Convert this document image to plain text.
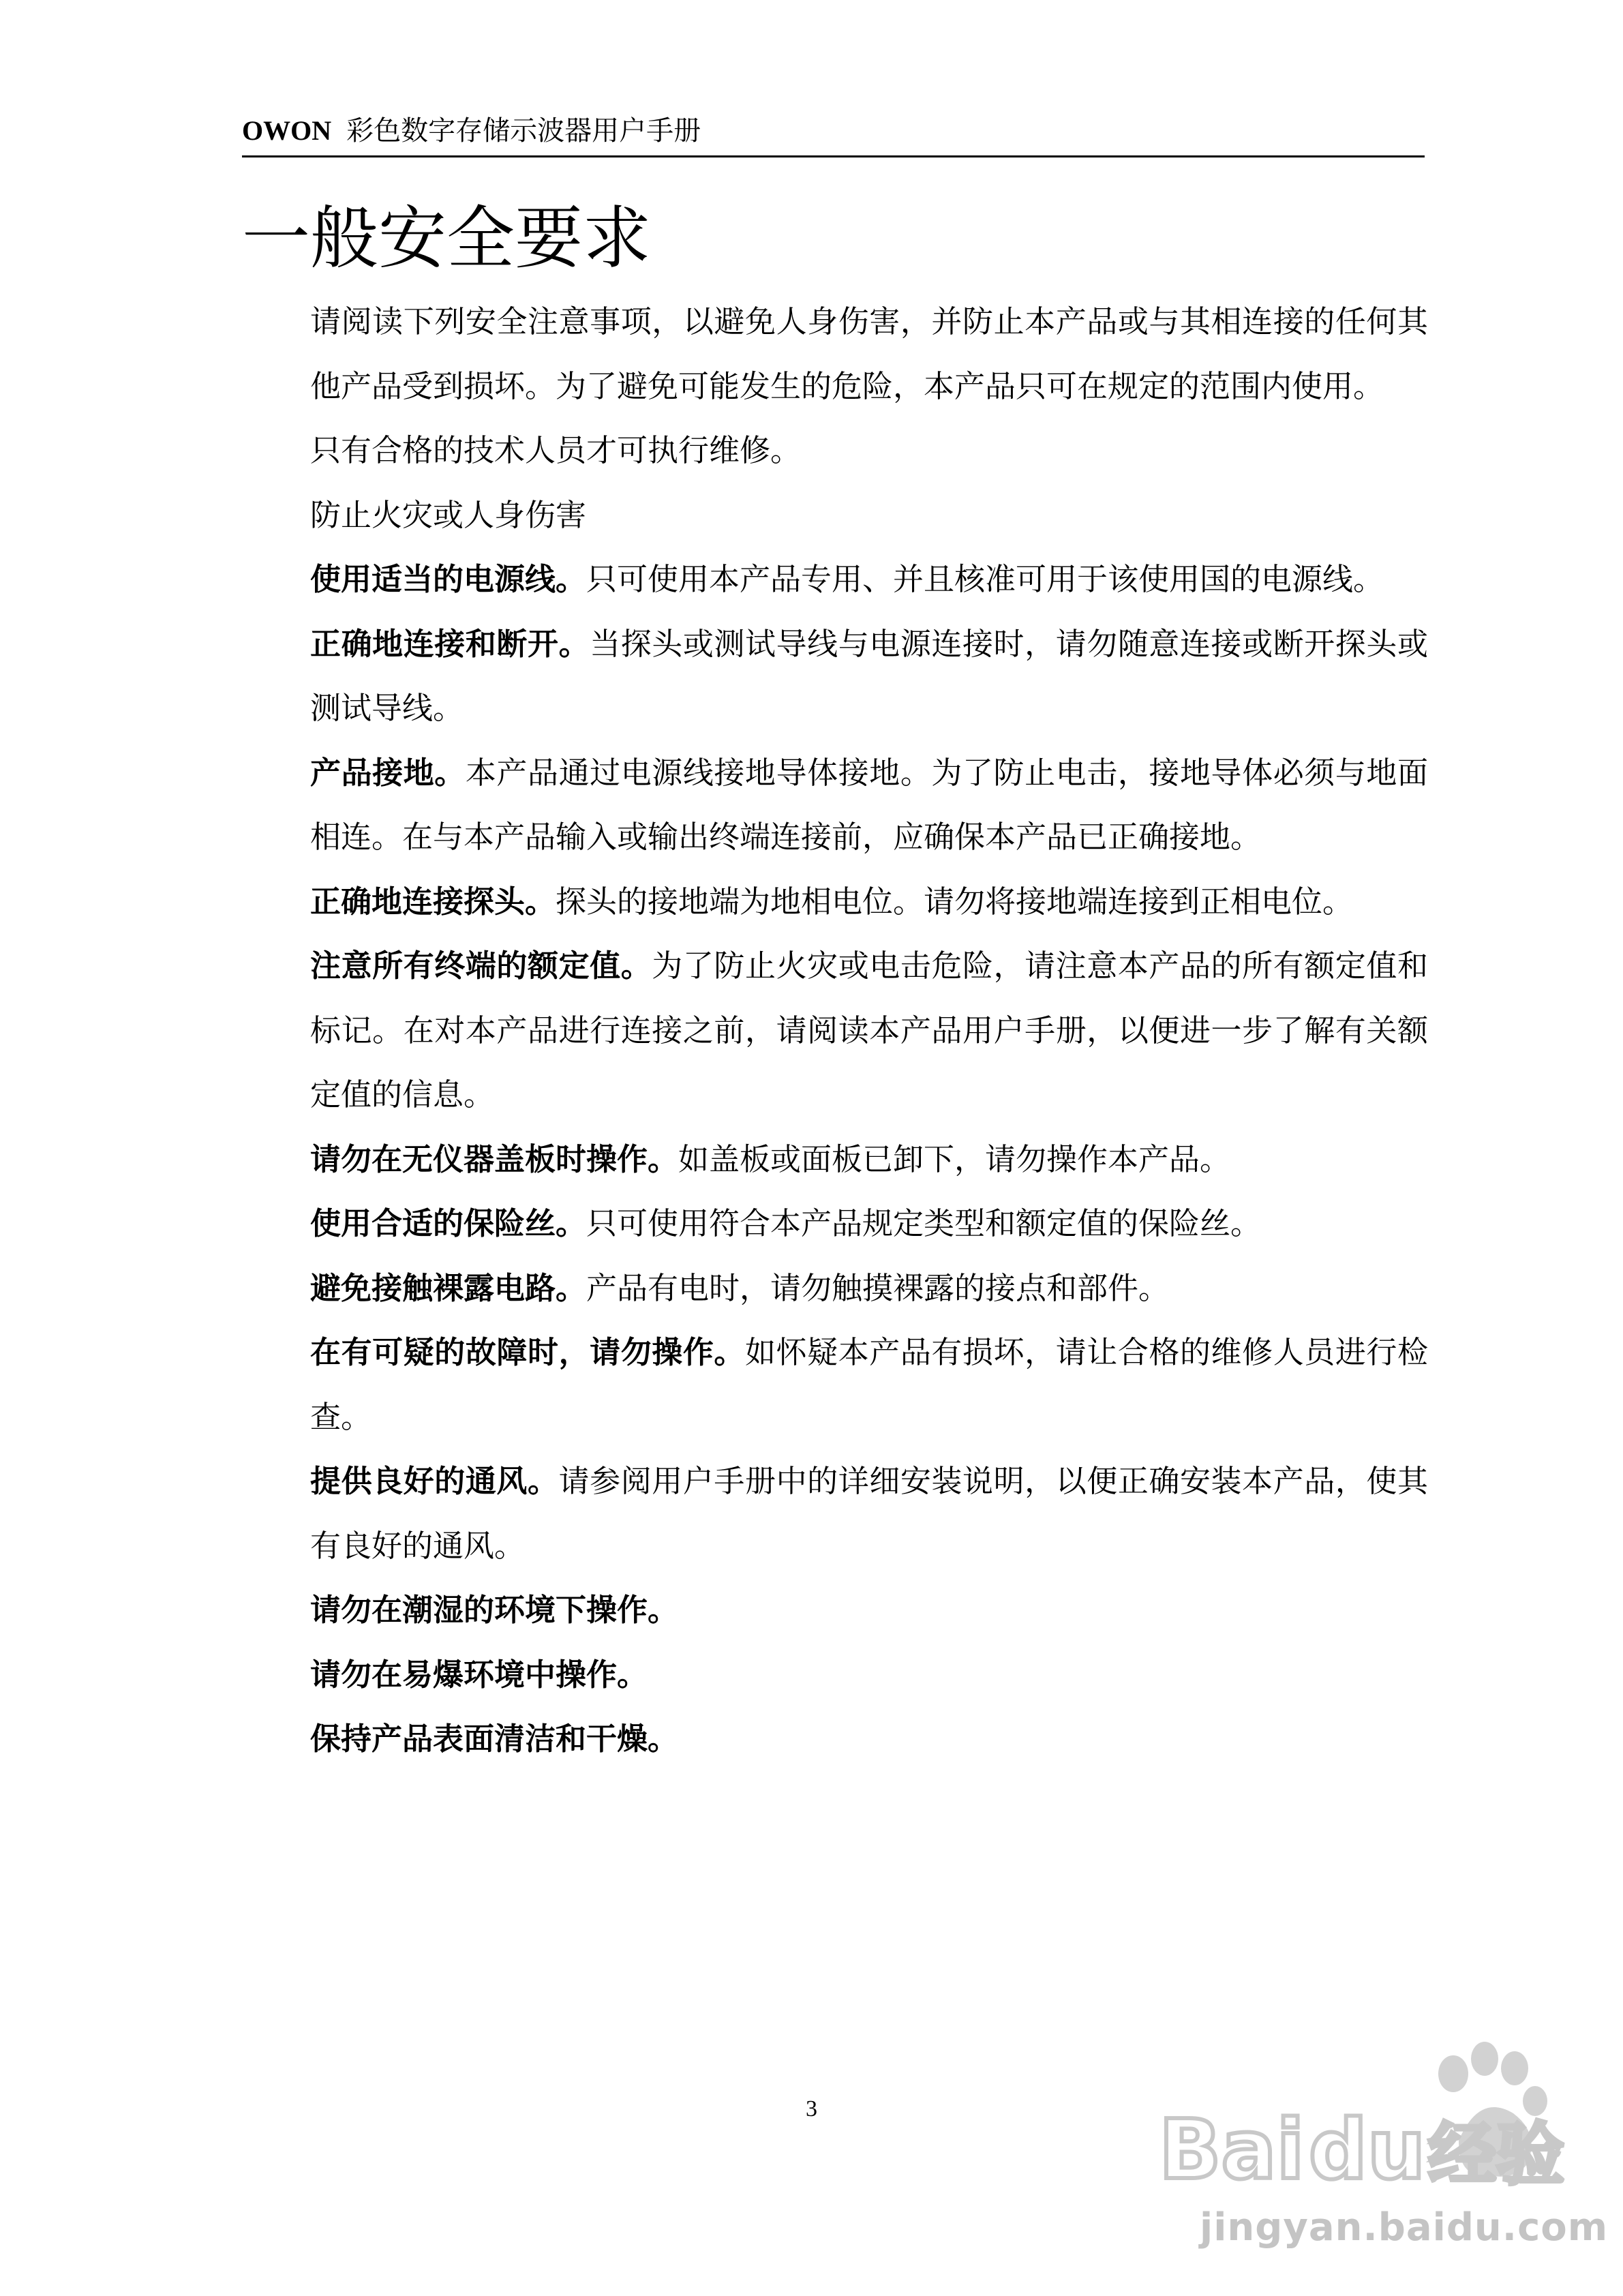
OWON 彩色数字存储示波器用户手册
一般安全要求

请阅读下列安全注意事项，以避免人身伤害，并防止本产品或与其相连接的任何其他产品受到损坏。为了避免可能发生的危险，本产品只可在规定的范围内使用。

只有合格的技术人员才可执行维修。

防止火灾或人身伤害

使用适当的电源线。只可使用本产品专用、并且核准可用于该使用国的电源线。

正确地连接和断开。当探头或测试导线与电源连接时，请勿随意连接或断开探头或测试导线。

产品接地。本产品通过电源线接地导体接地。为了防止电击，接地导体必须与地面相连。在与本产品输入或输出终端连接前，应确保本产品已正确接地。

正确地连接探头。探头的接地端为地相电位。请勿将接地端连接到正相电位。

注意所有终端的额定值。为了防止火灾或电击危险，请注意本产品的所有额定值和标记。在对本产品进行连接之前，请阅读本产品用户手册，以便进一步了解有关额定值的信息。

请勿在无仪器盖板时操作。如盖板或面板已卸下，请勿操作本产品。

使用合适的保险丝。只可使用符合本产品规定类型和额定值的保险丝。

避免接触裸露电路。产品有电时，请勿触摸裸露的接点和部件。

在有可疑的故障时，请勿操作。如怀疑本产品有损坏，请让合格的维修人员进行检查。

提供良好的通风。请参阅用户手册中的详细安装说明，以便正确安装本产品，使其有良好的通风。

请勿在潮湿的环境下操作。

请勿在易爆环境中操作。

保持产品表面清洁和干燥。

3	Bai du 经验
jingyan.baidu.com
